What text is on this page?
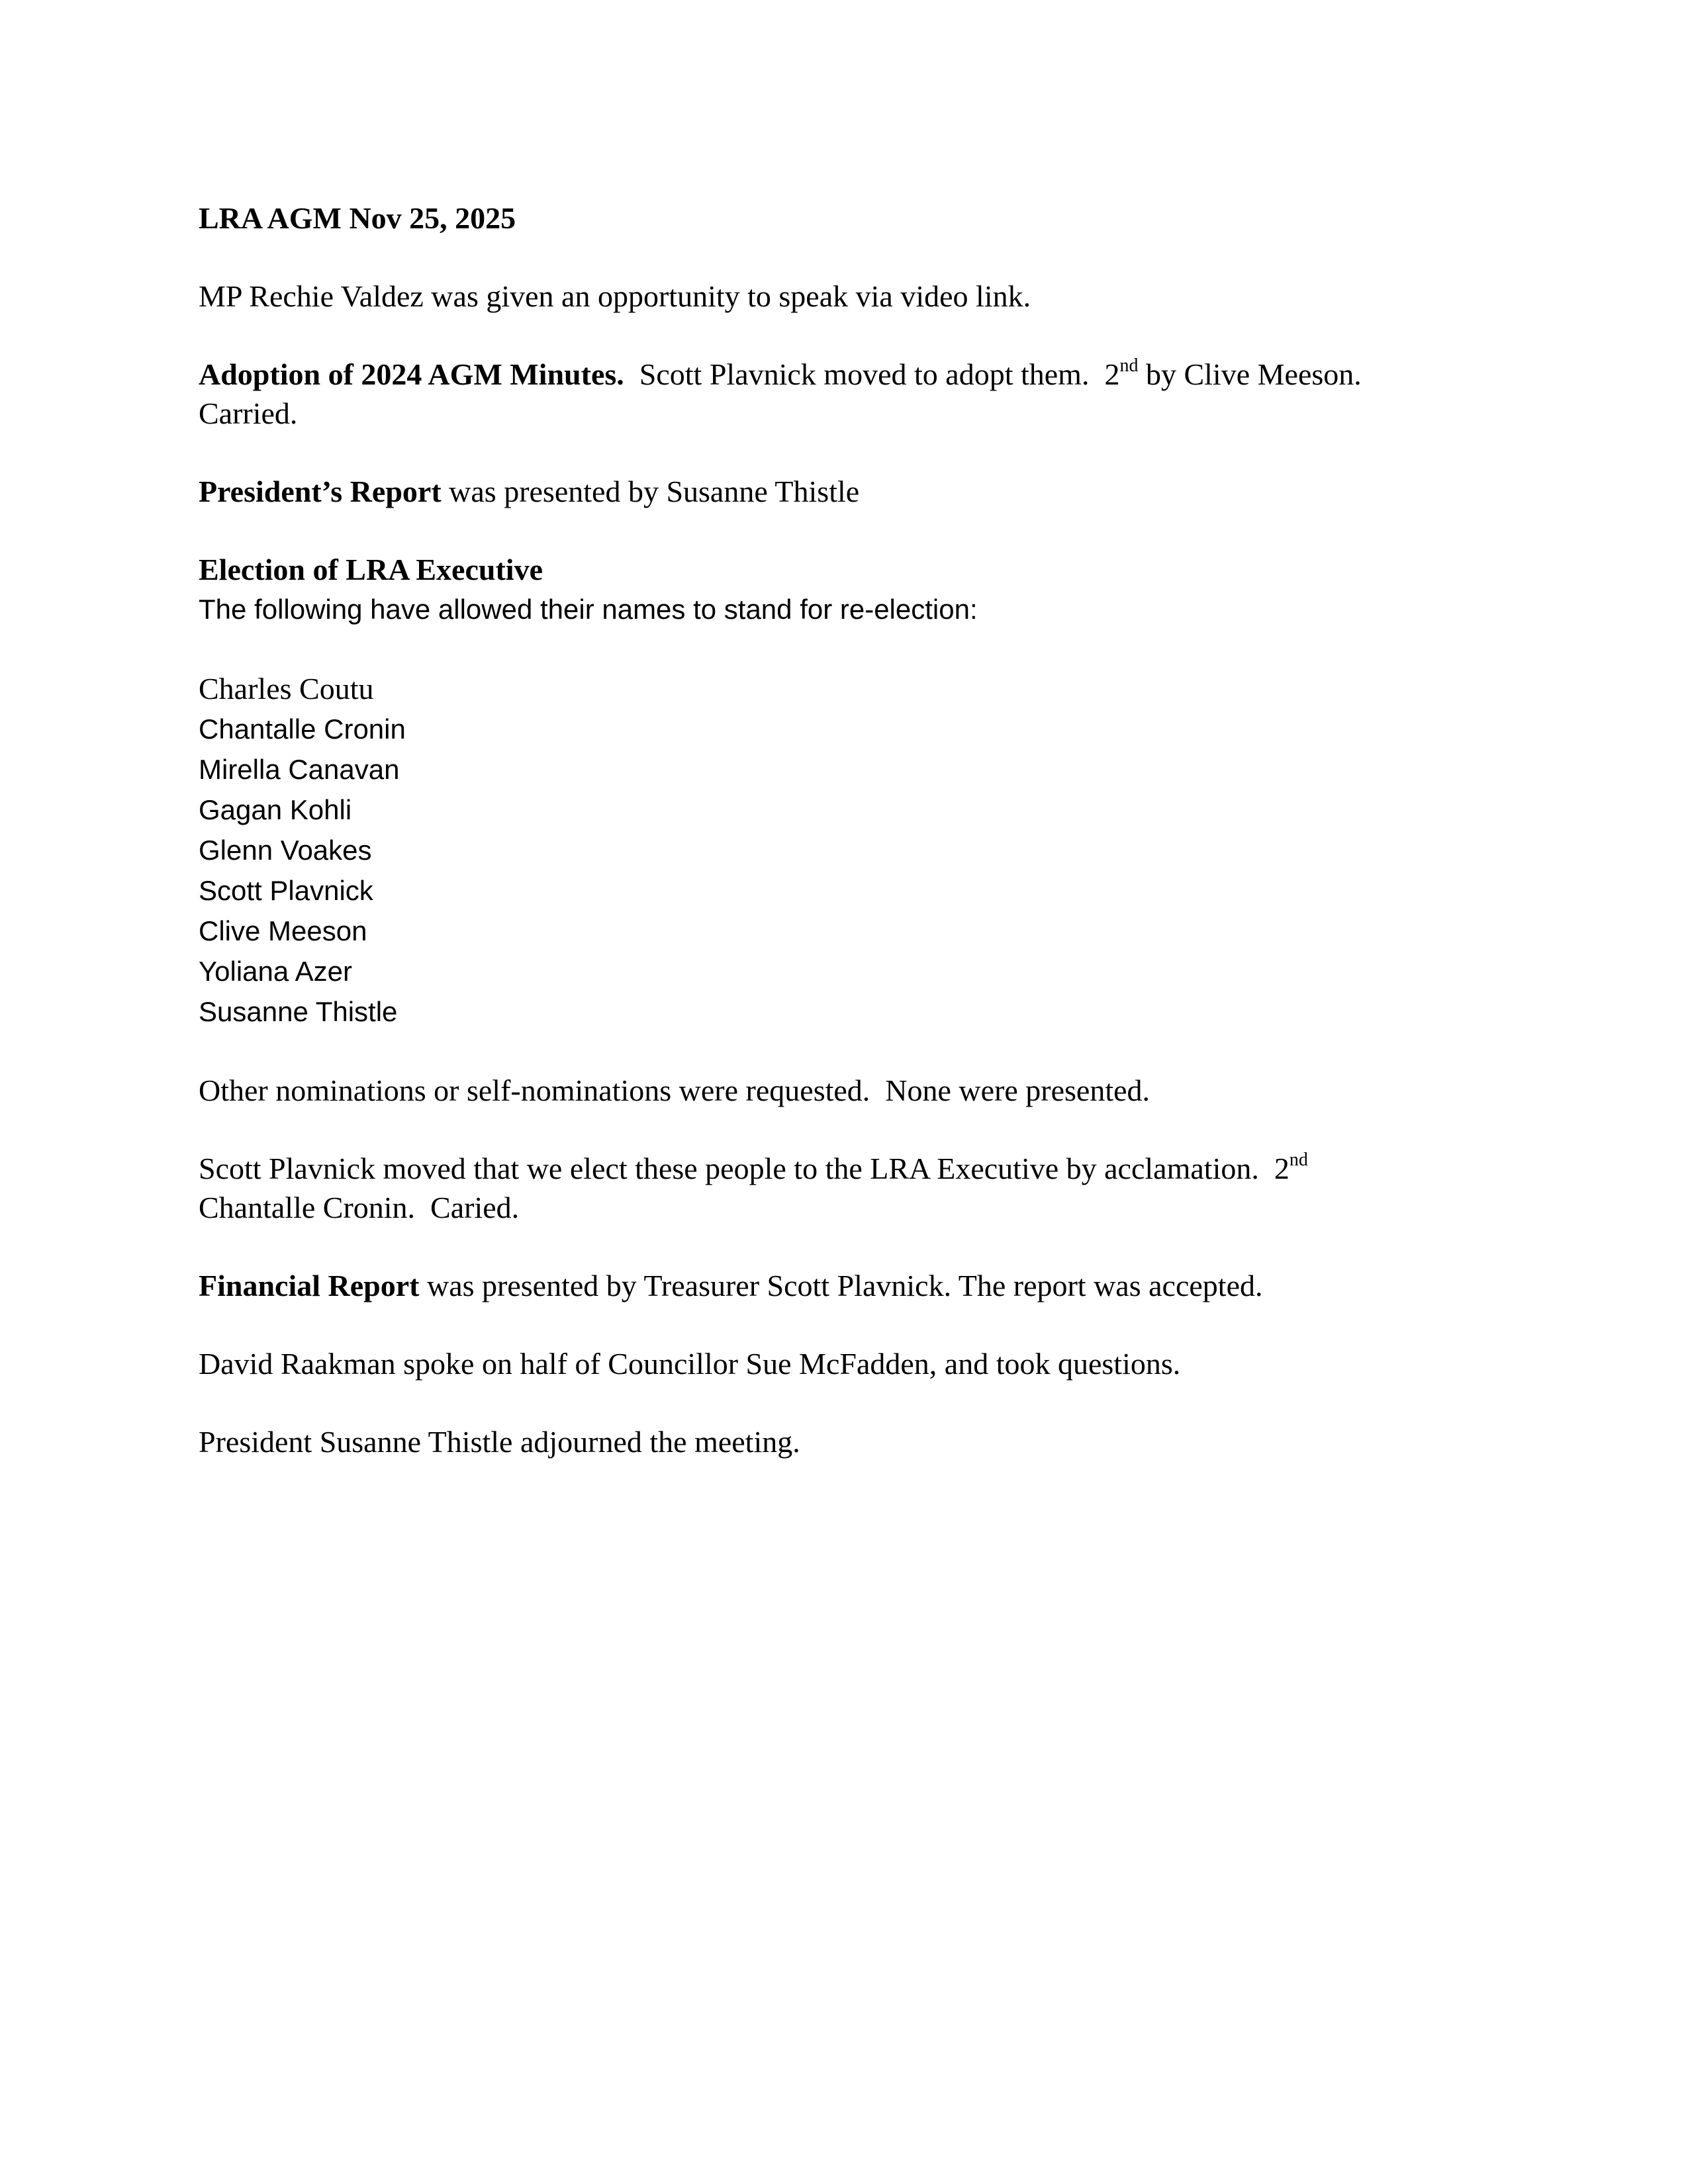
LRA AGM Nov 25, 2025

MP Rechie Valdez was given an opportunity to speak via video link.

Adoption of 2024 AGM Minutes.  Scott Plavnick moved to adopt them.  2nd by Clive Meeson.
Carried.

President’s Report was presented by Susanne Thistle

Election of LRA Executive
The following have allowed their names to stand for re-election:
Charles Coutu
Chantalle Cronin
Mirella Canavan
Gagan Kohli
Glenn Voakes
Scott Plavnick
Clive Meeson
Yoliana Azer
Susanne Thistle

Other nominations or self-nominations were requested.  None were presented.

Scott Plavnick moved that we elect these people to the LRA Executive by acclamation.  2nd
Chantalle Cronin.  Caried.

Financial Report was presented by Treasurer Scott Plavnick. The report was accepted.

David Raakman spoke on half of Councillor Sue McFadden, and took questions.

President Susanne Thistle adjourned the meeting.
